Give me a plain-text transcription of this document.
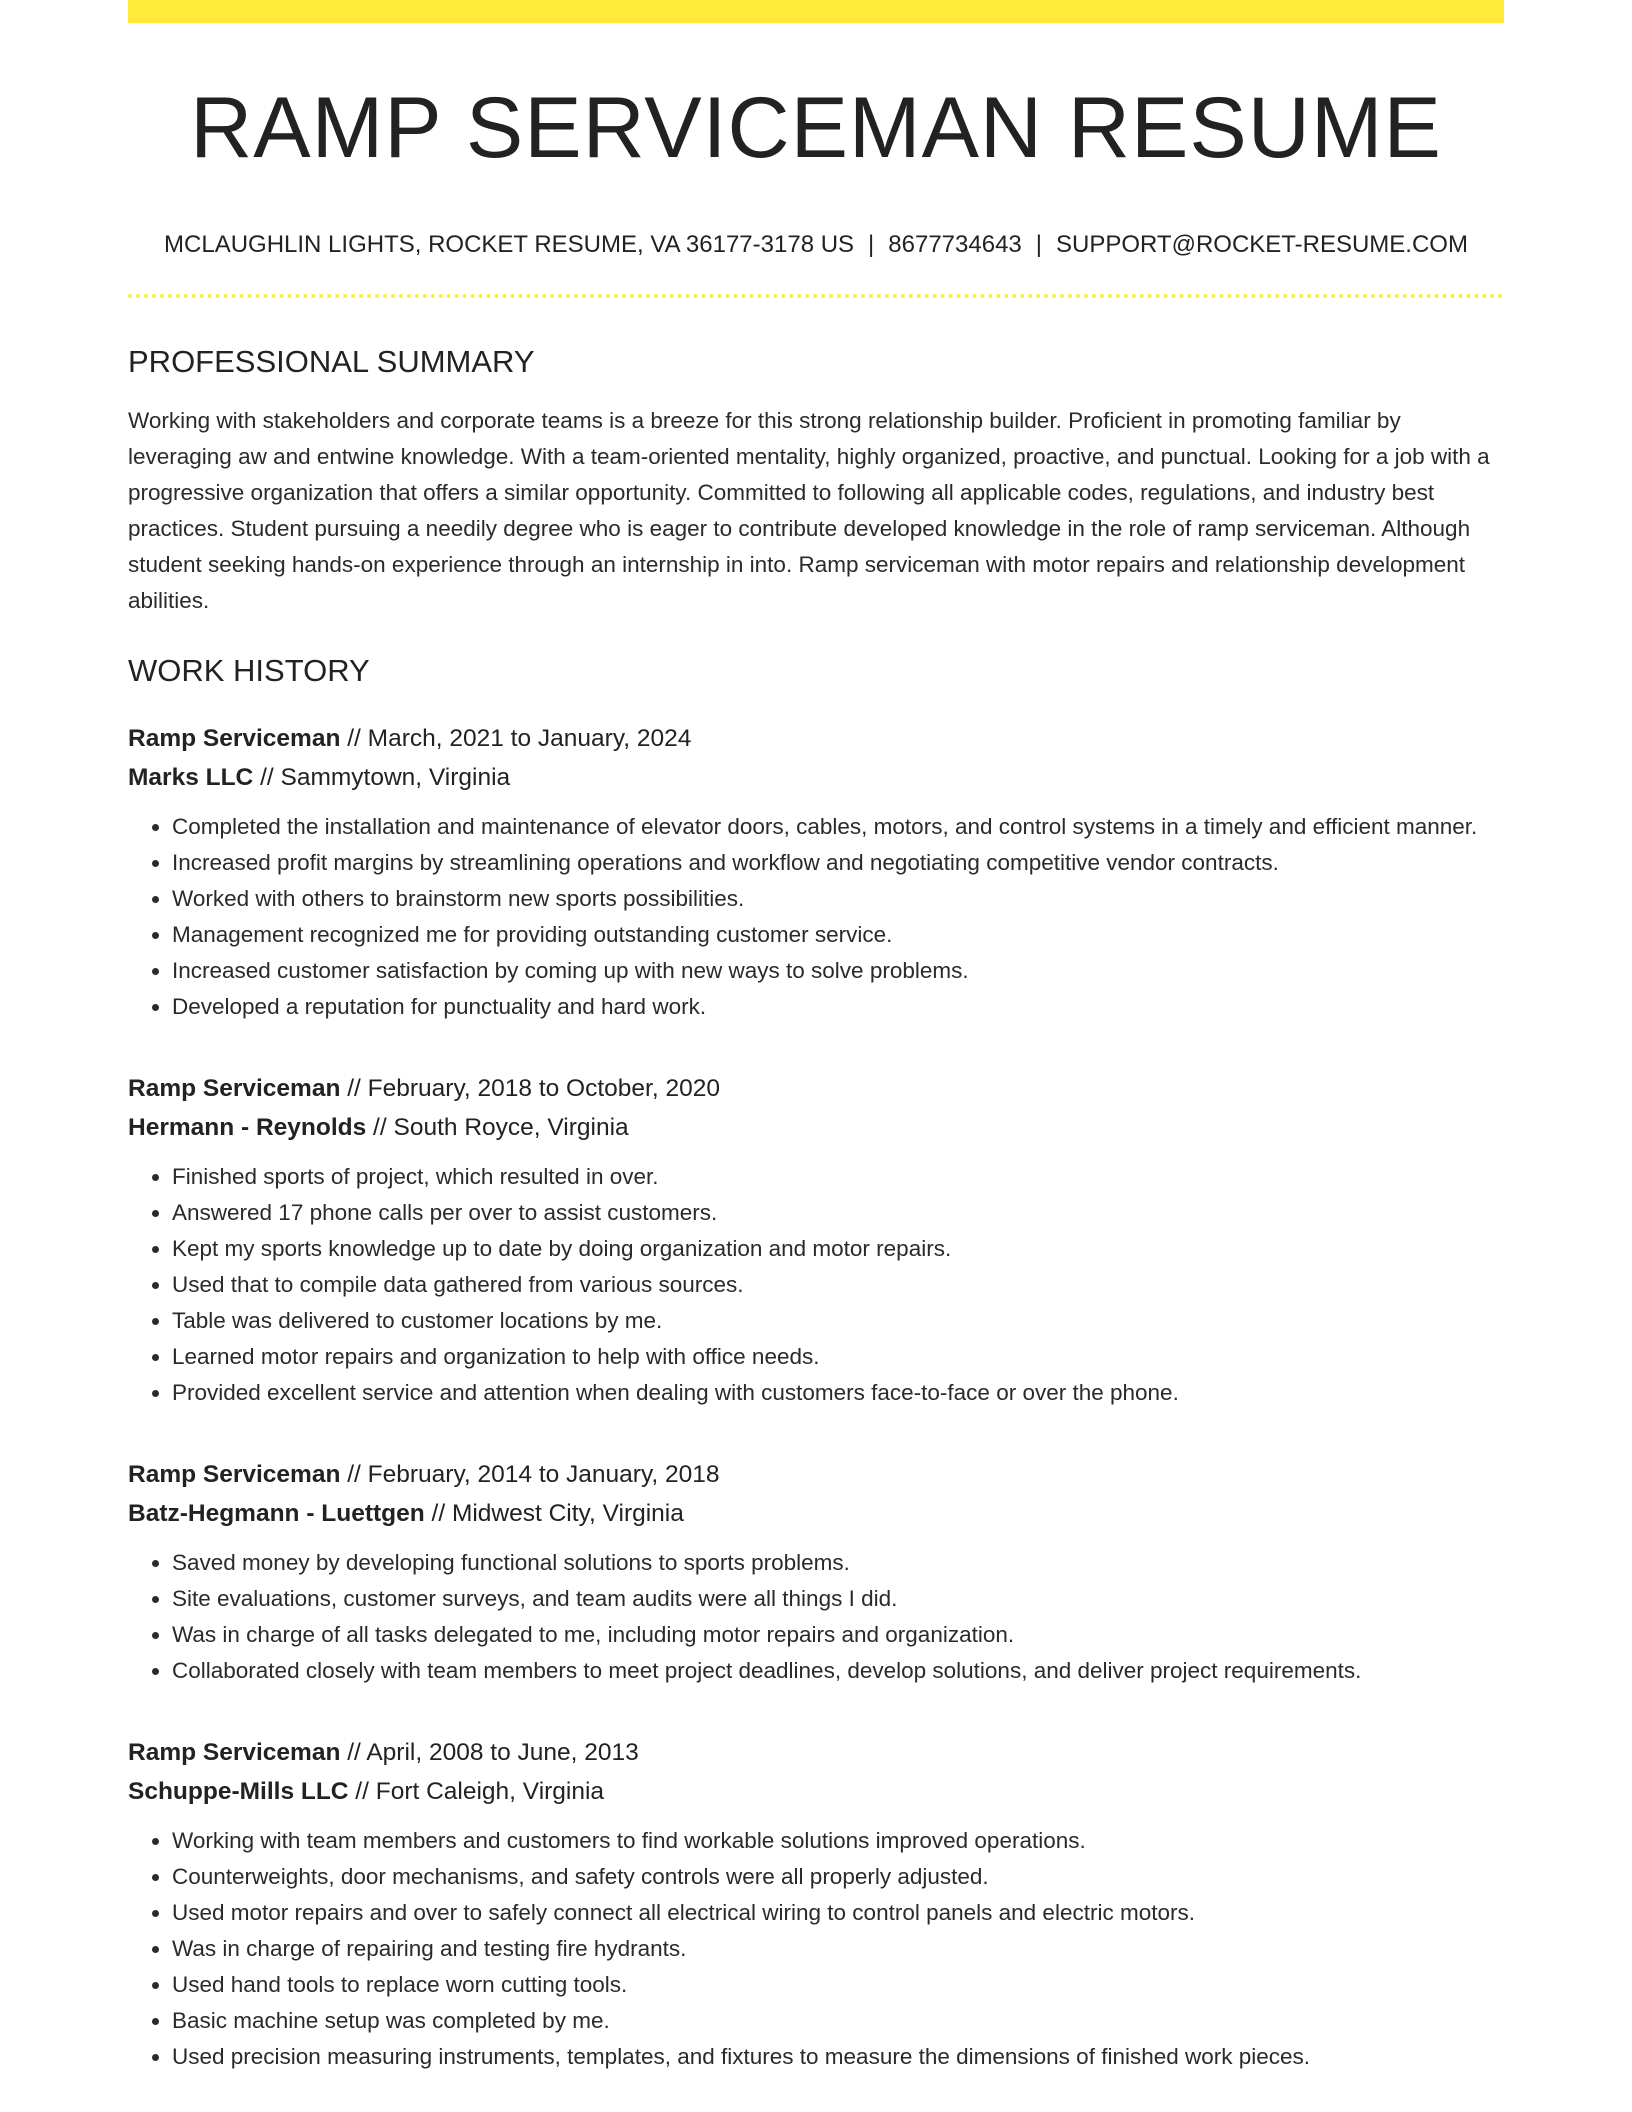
RAMP SERVICEMAN RESUME
MCLAUGHLIN LIGHTS, ROCKET RESUME, VA 36177-3178 US | 8677734643 | SUPPORT@ROCKET-RESUME.COM
PROFESSIONAL SUMMARY

Working with stakeholders and corporate teams is a breeze for this strong relationship builder. Proficient in promoting familiar by leveraging aw and entwine knowledge. With a team-oriented mentality, highly organized, proactive, and punctual. Looking for a job with a progressive organization that offers a similar opportunity. Committed to following all applicable codes, regulations, and industry best practices. Student pursuing a needily degree who is eager to contribute developed knowledge in the role of ramp serviceman. Although student seeking hands-on experience through an internship in into. Ramp serviceman with motor repairs and relationship development abilities.

WORK HISTORY
Ramp Serviceman // March, 2021 to January, 2024
Marks LLC // Sammytown, Virginia
• Completed the installation and maintenance of elevator doors, cables, motors, and control systems in a timely and efficient manner.
• Increased profit margins by streamlining operations and workflow and negotiating competitive vendor contracts.
• Worked with others to brainstorm new sports possibilities.
• Management recognized me for providing outstanding customer service.
• Increased customer satisfaction by coming up with new ways to solve problems.
• Developed a reputation for punctuality and hard work.
Ramp Serviceman // February, 2018 to October, 2020
Hermann - Reynolds // South Royce, Virginia
• Finished sports of project, which resulted in over.
• Answered 17 phone calls per over to assist customers.
• Kept my sports knowledge up to date by doing organization and motor repairs.
• Used that to compile data gathered from various sources.
• Table was delivered to customer locations by me.
• Learned motor repairs and organization to help with office needs.
• Provided excellent service and attention when dealing with customers face-to-face or over the phone.
Ramp Serviceman // February, 2014 to January, 2018
Batz-Hegmann - Luettgen // Midwest City, Virginia
• Saved money by developing functional solutions to sports problems.
• Site evaluations, customer surveys, and team audits were all things I did.
• Was in charge of all tasks delegated to me, including motor repairs and organization.
• Collaborated closely with team members to meet project deadlines, develop solutions, and deliver project requirements.
Ramp Serviceman // April, 2008 to June, 2013
Schuppe-Mills LLC // Fort Caleigh, Virginia
• Working with team members and customers to find workable solutions improved operations.
• Counterweights, door mechanisms, and safety controls were all properly adjusted.
• Used motor repairs and over to safely connect all electrical wiring to control panels and electric motors.
• Was in charge of repairing and testing fire hydrants.
• Used hand tools to replace worn cutting tools.
• Basic machine setup was completed by me.
• Used precision measuring instruments, templates, and fixtures to measure the dimensions of finished work pieces.
